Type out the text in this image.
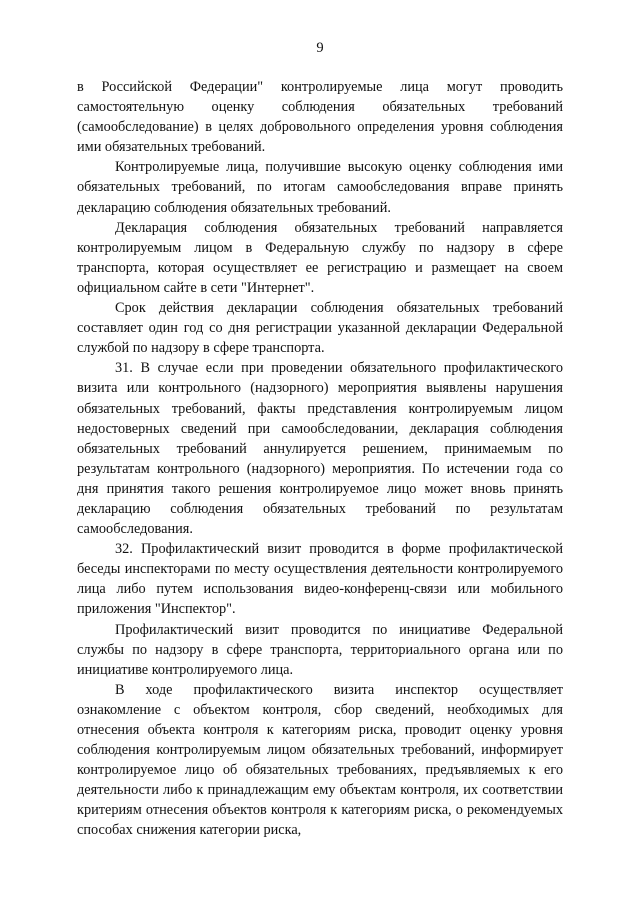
9

в Российской Федерации" контролируемые лица могут проводить самостоятельную оценку соблюдения обязательных требований (самообследование) в целях добровольного определения уровня соблюдения ими обязательных требований.

Контролируемые лица, получившие высокую оценку соблюдения ими обязательных требований, по итогам самообследования вправе принять декларацию соблюдения обязательных требований.

Декларация соблюдения обязательных требований направляется контролируемым лицом в Федеральную службу по надзору в сфере транспорта, которая осуществляет ее регистрацию и размещает на своем официальном сайте в сети "Интернет".

Срок действия декларации соблюдения обязательных требований составляет один год со дня регистрации указанной декларации Федеральной службой по надзору в сфере транспорта.

31. В случае если при проведении обязательного профилактического визита или контрольного (надзорного) мероприятия выявлены нарушения обязательных требований, факты представления контролируемым лицом недостоверных сведений при самообследовании, декларация соблюдения обязательных требований аннулируется решением, принимаемым по результатам контрольного (надзорного) мероприятия. По истечении года со дня принятия такого решения контролируемое лицо может вновь принять декларацию соблюдения обязательных требований по результатам самообследования.

32. Профилактический визит проводится в форме профилактической беседы инспекторами по месту осуществления деятельности контролируемого лица либо путем использования видео-конференц-связи или мобильного приложения "Инспектор".

Профилактический визит проводится по инициативе Федеральной службы по надзору в сфере транспорта, территориального органа или по инициативе контролируемого лица.

В ходе профилактического визита инспектор осуществляет ознакомление с объектом контроля, сбор сведений, необходимых для отнесения объекта контроля к категориям риска, проводит оценку уровня соблюдения контролируемым лицом обязательных требований, информирует контролируемое лицо об обязательных требованиях, предъявляемых к его деятельности либо к принадлежащим ему объектам контроля, их соответствии критериям отнесения объектов контроля к категориям риска, о рекомендуемых способах снижения категории риска,
